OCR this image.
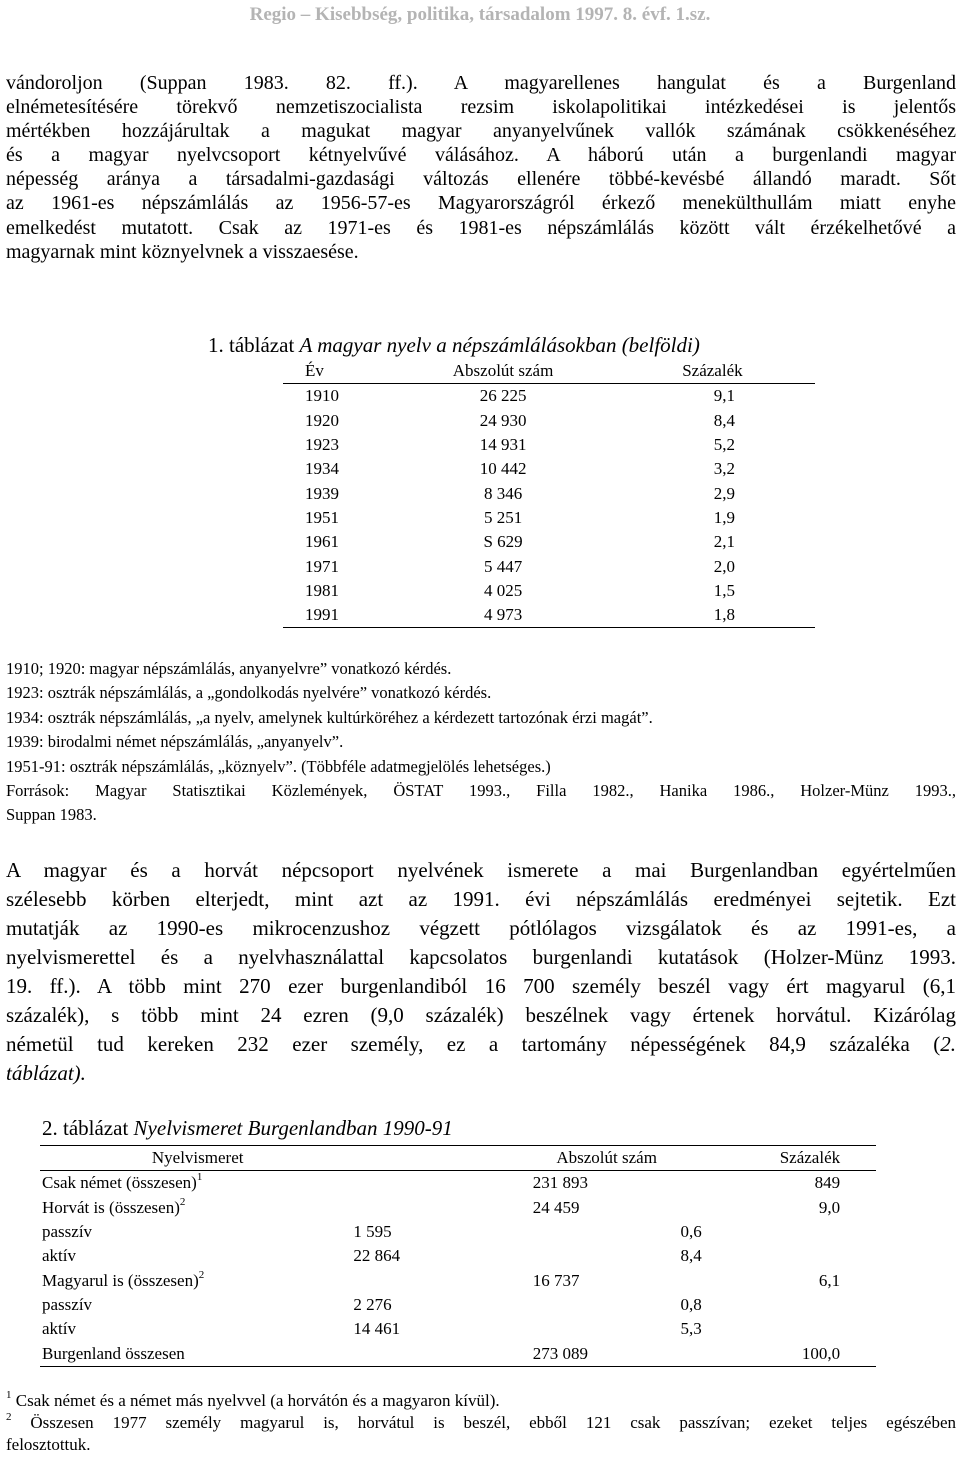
Regio – Kisebbség, politika, társadalom 1997. 8. évf. 1.sz.
vándoroljon (Suppan 1983. 82. ff.). A magyarellenes hangulat és a Burgenland
elnémetesítésére törekvő nemzetiszocialista rezsim iskolapolitikai intézkedései is jelentős
mértékben hozzájárultak a magukat magyar anyanyelvűnek vallók számának csökkenéséhez
és a magyar nyelvcsoport kétnyelvűvé válásához. A háború után a burgenlandi magyar
népesség aránya a társadalmi-gazdasági változás ellenére többé-kevésbé állandó maradt. Sőt
az 1961-es népszámlálás az 1956-57-es Magyarországról érkező menekülthullám miatt enyhe
emelkedést mutatott. Csak az 1971-es és 1981-es népszámlálás között vált érzékelhetővé a
magyarnak mint köznyelvnek a visszaesése.
1. táblázat A magyar nyelv a népszámlálásokban (belföldi)
Év	Abszolút szám	Százalék
1910	26 225	9,1
1920	24 930	8,4
1923	14 931	5,2
1934	10 442	3,2
1939	8 346	2,9
1951	5 251	1,9
1961	S 629	2,1
1971	5 447	2,0
1981	4 025	1,5
1991	4 973	1,8
1910; 1920: magyar népszámlálás, anyanyelvre” vonatkozó kérdés.
1923: osztrák népszámlálás, a „gondolkodás nyelvére” vonatkozó kérdés.
1934: osztrák népszámlálás, „a nyelv, amelynek kultúrköréhez a kérdezett tartozónak érzi magát”.
1939: birodalmi német népszámlálás, „anyanyelv”.
1951-91: osztrák népszámlálás, „köznyelv”. (Többféle adatmegjelölés lehetséges.)
Források: Magyar Statisztikai Közlemények, ÖSTAT 1993., Filla 1982., Hanika 1986., Holzer-Münz 1993.,
Suppan 1983.
A magyar és a horvát népcsoport nyelvének ismerete a mai Burgenlandban egyértelműen
szélesebb körben elterjedt, mint azt az 1991. évi népszámlálás eredményei sejtetik. Ezt
mutatják az 1990-es mikrocenzushoz végzett pótlólagos vizsgálatok és az 1991-es, a
nyelvismerettel és a nyelvhasználattal kapcsolatos burgenlandi kutatások (Holzer-Münz 1993.
19. ff.). A több mint 270 ezer burgenlandiból 16 700 személy beszél vagy ért magyarul (6,1
százalék), s több mint 24 ezren (9,0 százalék) beszélnek vagy értenek horvátul. Kizárólag
németül tud kereken 232 ezer személy, ez a tartomány népességének 84,9 százaléka (2.
táblázat).
2. táblázat Nyelvismeret Burgenlandban 1990-91
Nyelvismeret		Abszolút szám	Százalék	
Csak német (összesen)$^1$		231 893	849	

Horvát is (összesen)$^2$		24 459	9,0	

passzív	1 595		0,6

aktív	22 864		8,4

Magyarul is (összesen)$^2$		16 737	6,1	

passzív	2 276		0,8

aktív	14 461		5,3

Burgenland összesen		273 089	100,0	

$^1$ Csak német és a német más nyelvvel (a horvátón és a magyaron kívül).
$^2$ Összesen 1977 személy magyarul is, horvátul is beszél, ebből 121 csak passzívan; ezeket teljes egészében
felosztottuk.
